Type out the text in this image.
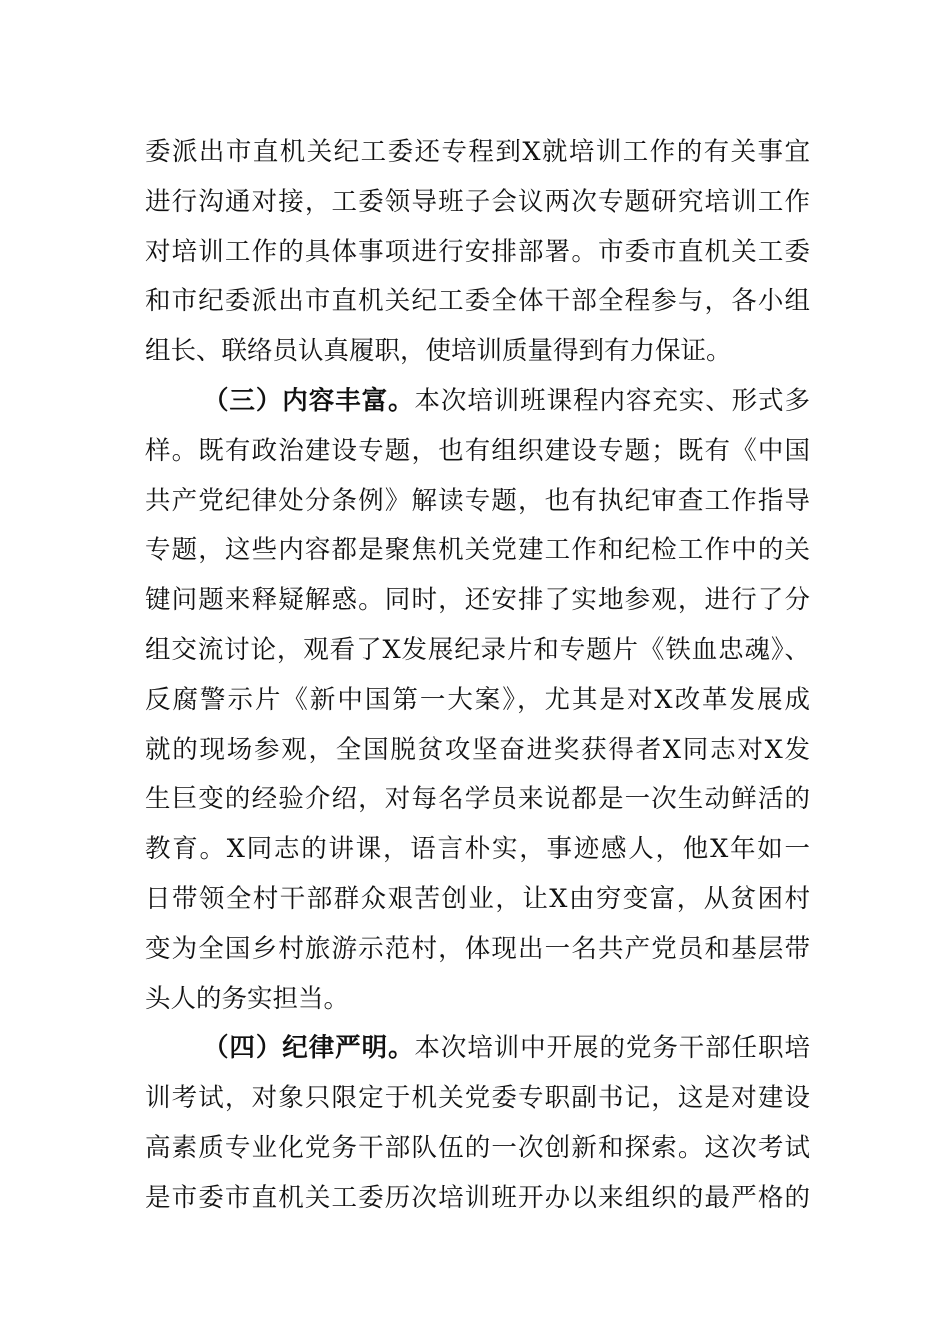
委派出市直机关纪工委还专程到X就培训工作的有关事宜
进行沟通对接，工委领导班子会议两次专题研究培训工作
对培训工作的具体事项进行安排部署。市委市直机关工委
和市纪委派出市直机关纪工委全体干部全程参与，各小组
组长、联络员认真履职，使培训质量得到有力保证。
（三）内容丰富。本次培训班课程内容充实、形式多
样。既有政治建设专题，也有组织建设专题；既有《中国
共产党纪律处分条例》解读专题，也有执纪审查工作指导
专题，这些内容都是聚焦机关党建工作和纪检工作中的关
键问题来释疑解惑。同时，还安排了实地参观，进行了分
组交流讨论，观看了X发展纪录片和专题片《铁血忠魂》、
反腐警示片《新中国第一大案》，尤其是对X改革发展成
就的现场参观，全国脱贫攻坚奋进奖获得者X同志对X发
生巨变的经验介绍，对每名学员来说都是一次生动鲜活的
教育。X同志的讲课，语言朴实，事迹感人，他X年如一
日带领全村干部群众艰苦创业，让X由穷变富，从贫困村
变为全国乡村旅游示范村，体现出一名共产党员和基层带
头人的务实担当。
（四）纪律严明。本次培训中开展的党务干部任职培
训考试，对象只限定于机关党委专职副书记，这是对建设
高素质专业化党务干部队伍的一次创新和探索。这次考试
是市委市直机关工委历次培训班开办以来组织的最严格的
